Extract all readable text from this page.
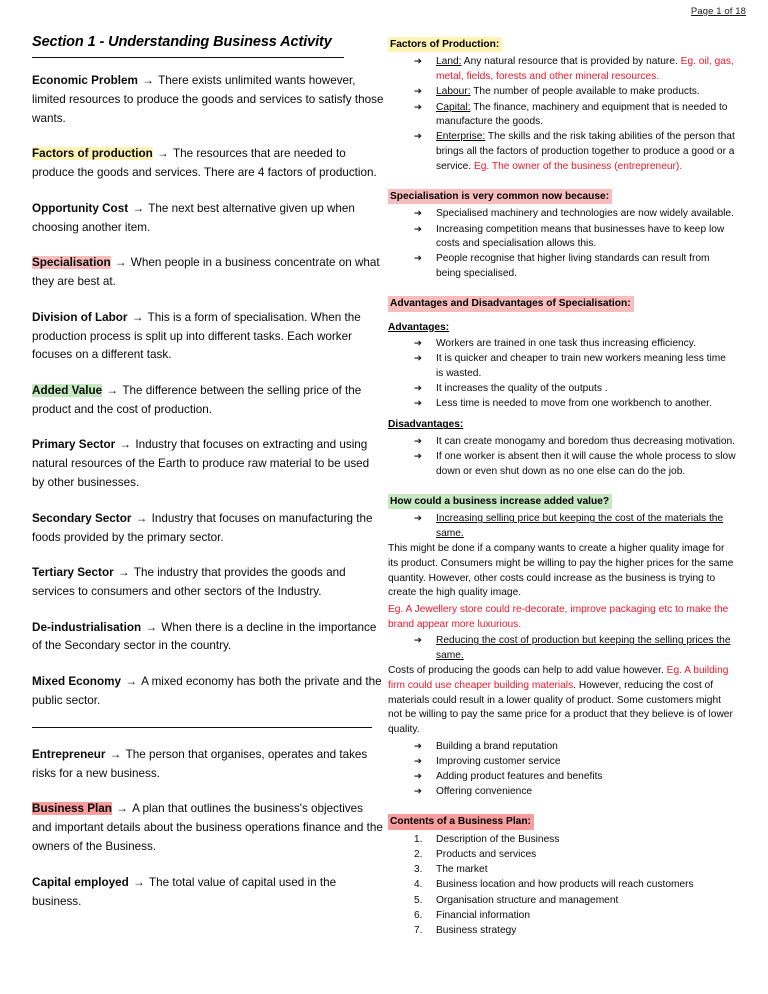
Page 1 of 18
Section 1 - Understanding Business Activity
Economic Problem → There exists unlimited wants however, limited resources to produce the goods and services to satisfy those wants.
Factors of production → The resources that are needed to produce the goods and services. There are 4 factors of production.
Opportunity Cost → The next best alternative given up when choosing another item.
Specialisation → When people in a business concentrate on what they are best at.
Division of Labor → This is a form of specialisation. When the production process is split up into different tasks. Each worker focuses on a different task.
Added Value → The difference between the selling price of the product and the cost of production.
Primary Sector → Industry that focuses on extracting and using natural resources of the Earth to produce raw material to be used by other businesses.
Secondary Sector → Industry that focuses on manufacturing the foods provided by the primary sector.
Tertiary Sector → The industry that provides the goods and services to consumers and other sectors of the Industry.
De-industrialisation → When there is a decline in the importance of the Secondary sector in the country.
Mixed Economy → A mixed economy has both the private and the public sector.
Entrepreneur → The person that organises, operates and takes risks for a new business.
Business Plan → A plan that outlines the business's objectives and important details about the business operations finance and the owners of the Business.
Capital employed → The total value of capital used in the business.
Factors of Production:
➔ Land: Any natural resource that is provided by nature. Eg. oil, gas, metal, fields, forests and other mineral resources.
➔ Labour: The number of people available to make products.
➔ Capital: The finance, machinery and equipment that is needed to manufacture the goods.
➔ Enterprise: The skills and the risk taking abilities of the person that brings all the factors of production together to produce a good or a service. Eg. The owner of the business (entrepreneur).
Specialisation is very common now because:
➔ Specialised machinery and technologies are now widely available.
➔ Increasing competition means that businesses have to keep low costs and specialisation allows this.
➔ People recognise that higher living standards can result from being specialised.
Advantages and Disadvantages of Specialisation:
Advantages:
➔ Workers are trained in one task thus increasing efficiency.
➔ It is quicker and cheaper to train new workers meaning less time is wasted.
➔ It increases the quality of the outputs .
➔ Less time is needed to move from one workbench to another.
Disadvantages:
➔ It can create monogamy and boredom thus decreasing motivation.
➔ If one worker is absent then it will cause the whole process to slow down or even shut down as no one else can do the job.
How could a business increase added value?
➔ Increasing selling price but keeping the cost of the materials the same.
This might be done if a company wants to create a higher quality image for its product. Consumers might be willing to pay the higher prices for the same quantity. However, other costs could increase as the business is trying to create the high quality image.
Eg. A Jewellery store could re-decorate, improve packaging etc to make the brand appear more luxurious.
➔ Reducing the cost of production but keeping the selling prices the same.
Costs of producing the goods can help to add value however. Eg. A building firm could use cheaper building materials. However, reducing the cost of materials could result in a lower quality of product. Some customers might not be willing to pay the same price for a product that they believe is of lower quality.
➔ Building a brand reputation
➔ Improving customer service
➔ Adding product features and benefits
➔ Offering convenience
Contents of a Business Plan:
Description of the Business
Products and services
The market
Business location and how products will reach customers
Organisation structure and management
Financial information
Business strategy
